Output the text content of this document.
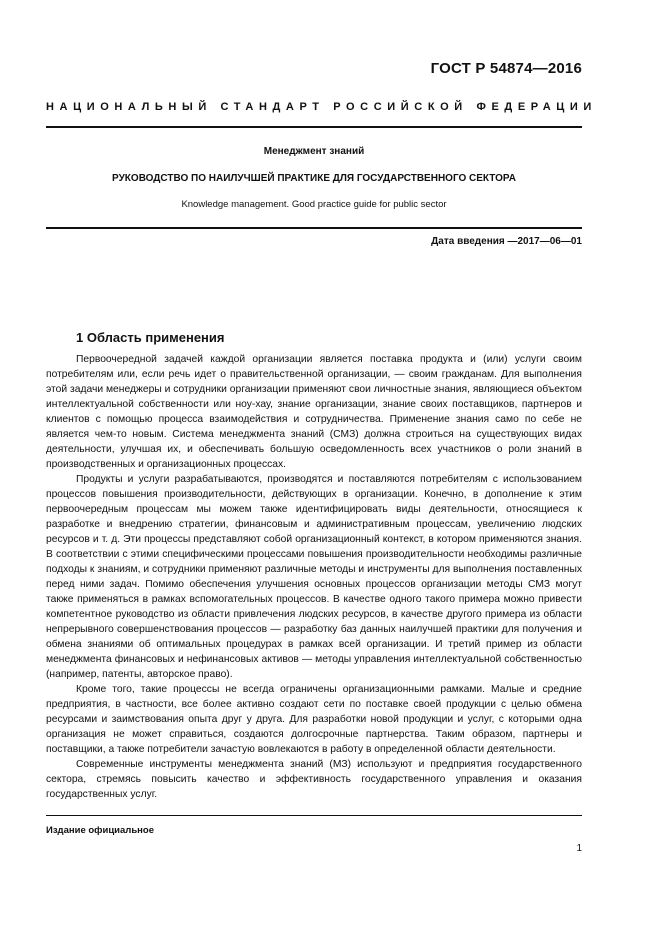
ГОСТ Р 54874—2016
НАЦИОНАЛЬНЫЙ СТАНДАРТ РОССИЙСКОЙ ФЕДЕРАЦИИ
Менеджмент знаний
РУКОВОДСТВО ПО НАИЛУЧШЕЙ ПРАКТИКЕ ДЛЯ ГОСУДАРСТВЕННОГО СЕКТОРА
Knowledge management. Good practice guide for public sector
Дата введения —2017—06—01
1 Область применения

Первоочередной задачей каждой организации является поставка продукта и (или) услуги своим потребителям или, если речь идет о правительственной организации, — своим гражданам. Для выполнения этой задачи менеджеры и сотрудники организации применяют свои личностные знания, являющиеся объектом интеллектуальной собственности или ноу-хау, знание организации, знание своих поставщиков, партнеров и клиентов с помощью процесса взаимодействия и сотрудничества. Применение знания само по себе не является чем-то новым. Система менеджмента знаний (СМЗ) должна строиться на существующих видах деятельности, улучшая их, и обеспечивать большую осведомленность всех участников о роли знаний в производственных и организационных процессах.

Продукты и услуги разрабатываются, производятся и поставляются потребителям с использованием процессов повышения производительности, действующих в организации. Конечно, в дополнение к этим первоочередным процессам мы можем также идентифицировать виды деятельности, относящиеся к разработке и внедрению стратегии, финансовым и административным процессам, увеличению людских ресурсов и т. д. Эти процессы представляют собой организационный контекст, в котором применяются знания. В соответствии с этими специфическими процессами повышения производительности необходимы различные подходы к знаниям, и сотрудники применяют различные методы и инструменты для выполнения поставленных перед ними задач. Помимо обеспечения улучшения основных процессов организации методы СМЗ могут также применяться в рамках вспомогательных процессов. В качестве одного такого примера можно привести компетентное руководство из области привлечения людских ресурсов, в качестве другого примера из области непрерывного совершенствования процессов — разработку баз данных наилучшей практики для получения и обмена знаниями об оптимальных процедурах в рамках всей организации. И третий пример из области менеджмента финансовых и нефинансовых активов — методы управления интеллектуальной собственностью (например, патенты, авторское право).

Кроме того, такие процессы не всегда ограничены организационными рамками. Малые и средние предприятия, в частности, все более активно создают сети по поставке своей продукции с целью обмена ресурсами и заимствования опыта друг у друга. Для разработки новой продукции и услуг, с которыми одна организация не может справиться, создаются долгосрочные партнерства. Таким образом, партнеры и поставщики, а также потребители зачастую вовлекаются в работу в определенной области деятельности.

Современные инструменты менеджмента знаний (МЗ) используют и предприятия государственного сектора, стремясь повысить качество и эффективность государственного управления и оказания государственных услуг.

Издание официальное
1
